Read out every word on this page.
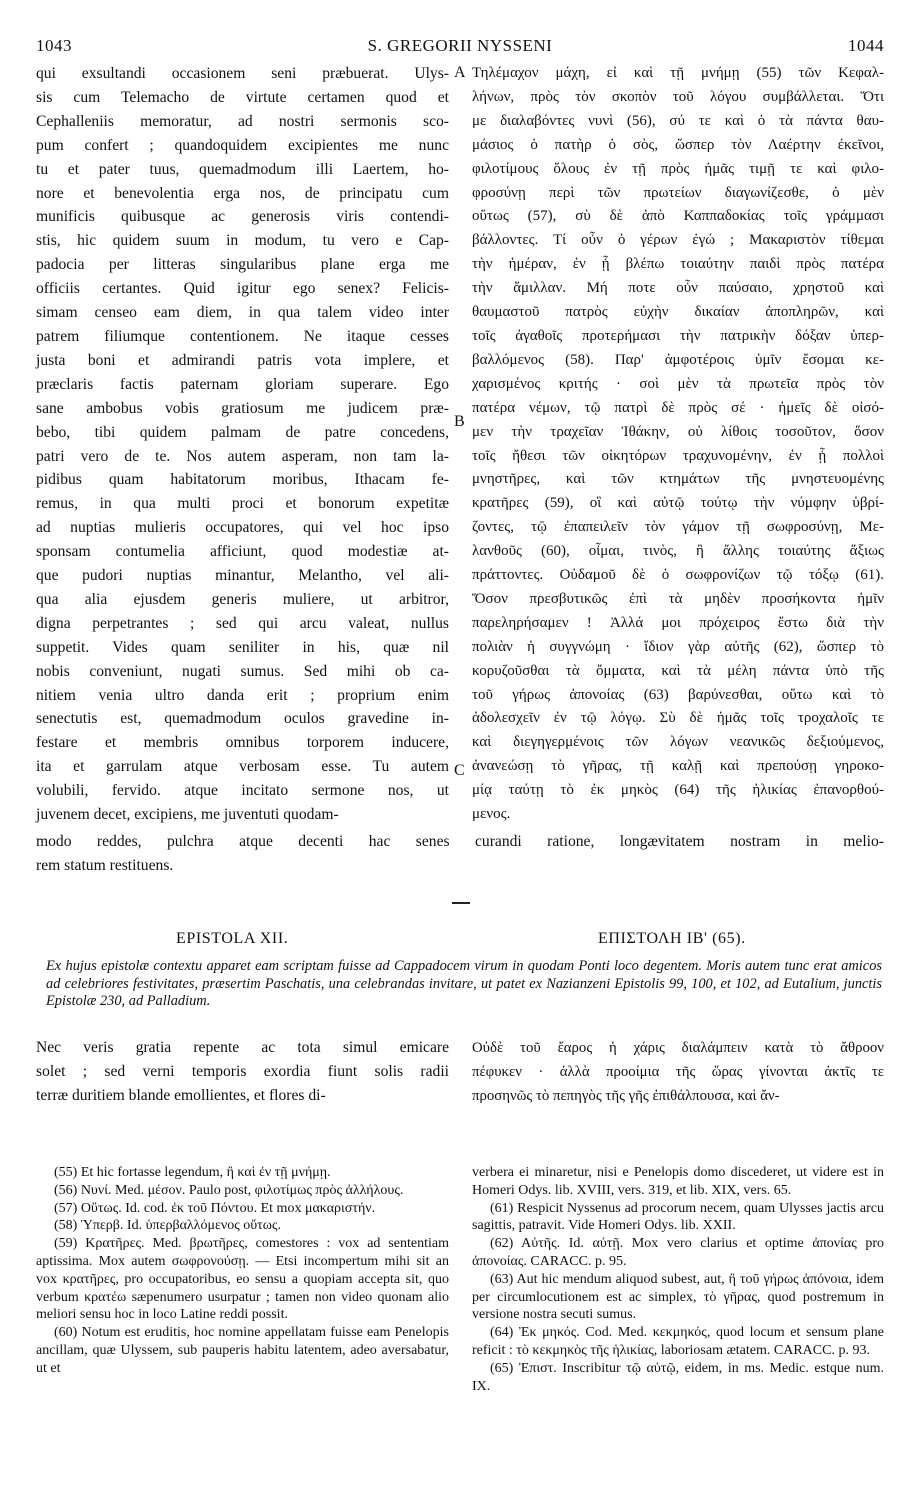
1043	S. GREGORII NYSSENI	1044
qui exsultandi occasionem seni præbuerat. Ulys-
sis cum Telemacho de virtute certamen quod et
Cephalleniis memoratur, ad nostri sermonis sco-
pum confert ; quandoquidem excipientes me nunc
tu et pater tuus, quemadmodum illi Laertem, ho-
nore et benevolentia erga nos, de principatu cum
munificis quibusque ac generosis viris contendi-
stis, hic quidem suum in modum, tu vero e Cap-
padocia per litteras singularibus plane erga me
officiis certantes. Quid igitur ego senex? Felicis-
simam censeo eam diem, in qua talem video inter
patrem filiumque contentionem. Ne itaque cesses
justa boni et admirandi patris vota implere, et
præclaris factis paternam gloriam superare. Ego
sane ambobus vobis gratiosum me judicem præ-
bebo, tibi quidem palmam de patre concedens,
patri vero de te. Nos autem asperam, non tam la-
pidibus quam habitatorum moribus, Ithacam fe-
remus, in qua multi proci et bonorum expetitæ
ad nuptias mulieris occupatores, qui vel hoc ipso
sponsam contumelia afficiunt, quod modestiæ at-
que pudori nuptias minantur, Melantho, vel ali-
qua alia ejusdem generis muliere, ut arbitror,
digna perpetrantes ; sed qui arcu valeat, nullus
suppetit. Vides quam seniliter in his, quæ nil
nobis conveniunt, nugati sumus. Sed mihi ob ca-
nitiem venia ultro danda erit ; proprium enim
senectutis est, quemadmodum oculos gravedine in-
festare et membris omnibus torporem inducere,
ita et garrulam atque verbosam esse. Tu autem
volubili, fervido. atque incitato sermone nos, ut
juvenem decet, excipiens, me juventuti quodam-
Τηλέμαχον μάχη, εἰ καὶ τῇ μνήμῃ (55) τῶν Κεφαλ-
λήνων, πρὸς τὸν σκοπὸν τοῦ λόγου συμβάλλεται. Ὅτι
με διαλαβόντες νυνὶ (56), σύ τε καὶ ὁ τὰ πάντα θαυ-
μάσιος ὁ πατὴρ ὁ σὸς, ὥσπερ τὸν Λαέρτην ἐκεῖνοι,
φιλοτίμους ὅλους ἐν τῇ πρὸς ἡμᾶς τιμῇ τε καὶ φιλο-
φροσύνῃ περὶ τῶν πρωτείων διαγωνίζεσθε, ὁ μὲν
οὕτως (57), σὺ δὲ ἀπὸ Καππαδοκίας τοῖς γράμμασι
βάλλοντες. Τί οὖν ὁ γέρων ἐγώ ; Μακαριστὸν τίθεμαι
τὴν ἡμέραν, ἐν ᾗ βλέπω τοιαύτην παιδὶ πρὸς πατέρα
τὴν ἅμιλλαν. Μή ποτε οὖν παύσαιο, χρηστοῦ καὶ
θαυμαστοῦ πατρὸς εὐχὴν δικαίαν ἀποπληρῶν, καὶ
τοῖς ἀγαθοῖς προτερήμασι τὴν πατρικὴν δόξαν ὑπερ-
βαλλόμενος (58). Παρ' ἀμφοτέροις ὑμῖν ἔσομαι κε-
χαρισμένος κριτής · σοὶ μὲν τὰ πρωτεῖα πρὸς τὸν
πατέρα νέμων, τῷ πατρὶ δὲ πρὸς σέ · ἡμεῖς δὲ οἰσό-
μεν τὴν τραχεῖαν Ἰθάκην, οὐ λίθοις τοσοῦτον, ὅσον
τοῖς ἤθεσι τῶν οἰκητόρων τραχυνομένην, ἐν ᾗ πολλοὶ
μνηστῆρες, καὶ τῶν κτημάτων τῆς μνηστευομένης
κρατῆρες (59), οἳ καὶ αὐτῷ τούτῳ τὴν νύμφην ὑβρί-
ζοντες, τῷ ἐπαπειλεῖν τὸν γάμον τῇ σωφροσύνῃ, Με-
λανθοῦς (60), οἶμαι, τινὸς, ἢ ἄλλης τοιαύτης ἄξιως
πράττοντες. Οὐδαμοῦ δὲ ὁ σωφρονίζων τῷ τόξῳ (61).
Ὅσον πρεσβυτικῶς ἐπὶ τὰ μηδὲν προσήκοντα ἡμῖν
παρεληρήσαμεν ! Ἀλλά μοι πρόχειρος ἔστω διὰ τὴν
πολιὰν ἡ συγγνώμη · ἴδιον γὰρ αὐτῆς (62), ὥσπερ τὸ
κορυζοῦσθαι τὰ ὄμματα, καὶ τὰ μέλη πάντα ὑπὸ τῆς
τοῦ γήρως ἀπονοίας (63) βαρύνεσθαι, οὕτω καὶ τὸ
ἀδολεσχεῖν ἐν τῷ λόγῳ. Σὺ δὲ ἡμᾶς τοῖς τροχαλοῖς τε
καὶ διεγηγερμένοις τῶν λόγων νεανικῶς δεξιούμενος,
ἀνανεώσῃ τὸ γῆρας, τῇ καλῇ καὶ πρεπούσῃ γηροκο-
μίᾳ ταύτῃ τὸ ἐκ μηκὸς (64) τῆς ἡλικίας ἐπανορθού-
μενος.
A
B
C
modo reddes, pulchra atque decenti hac senes curandi ratione, longævitatem nostram in melio-
rem statum restituens.
EPISTOLA XII.	ΕΠΙΣΤΟΛΗ ΙΒ' (65).
Ex hujus epistolæ contextu apparet eam scriptam fuisse ad Cappadocem virum in quodam Ponti loco degentem. Moris autem tunc erat amicos ad celebriores festivitates, præsertim Paschatis, una celebrandas invitare, ut patet ex Nazianzeni Epistolis 99, 100, et 102, ad Eutalium, junctis Epistolæ 230, ad Palladium.
Nec veris gratia repente ac tota simul emicare
solet ; sed verni temporis exordia fiunt solis radii
terræ duritiem blande emollientes, et flores di-
Οὐδὲ τοῦ ἔαρος ἡ χάρις διαλάμπειν κατὰ τὸ ἄθροον
πέφυκεν · ἀλλὰ προοίμια τῆς ὥρας γίνονται ἀκτῖς τε
προσηνῶς τὸ πεπηγὸς τῆς γῆς ἐπιθάλπουσα, καὶ ἄν-

(55) Et hic fortasse legendum, ἢ καὶ ἐν τῇ μνήμῃ.

(56) Νυνί. Med. μέσον. Paulo post, φιλοτίμως πρὸς ἀλλήλους.

(57) Οὕτως. Id. cod. ἐκ τοῦ Πόντου. Et mox μακαριστήν.

(58) Ὑπερβ. Id. ὑπερβαλλόμενος οὕτως.

(59) Κρατῆρες. Med. βρωτῆρες, comestores : vox ad sententiam aptissima. Mox autem σωφρονούσῃ. — Etsi incompertum mihi sit an vox κρατῆρες, pro occupatoribus, eo sensu a quopiam accepta sit, quo verbum κρατέω sæpenumero usurpatur ; tamen non video quonam alio meliori sensu hoc in loco Latine reddi possit.

(60) Notum est eruditis, hoc nomine appellatam fuisse eam Penelopis ancillam, quæ Ulyssem, sub pauperis habitu latentem, adeo aversabatur, ut et

verbera ei minaretur, nisi e Penelopis domo discederet, ut videre est in Homeri Odys. lib. XVIII, vers. 319, et lib. XIX, vers. 65.

(61) Respicit Nyssenus ad procorum necem, quam Ulysses jactis arcu sagittis, patravit. Vide Homeri Odys. lib. XXII.

(62) Αὐτῆς. Id. αὐτῇ. Mox vero clarius et optime ἀπονίας pro ἀπονοίας. CARACC. p. 95.

(63) Aut hic mendum aliquod subest, aut, ἢ τοῦ γήρως ἀπόνοια, idem per circumlocutionem est ac simplex, τὸ γῆρας, quod postremum in versione nostra secuti sumus.

(64) Ἐκ μηκός. Cod. Med. κεκμηκός, quod locum et sensum plane reficit : τὸ κεκμηκὸς τῆς ἡλικίας, laboriosam ætatem. CARACC. p. 93.

(65) Ἐπιστ. Inscribitur τῷ αὐτῷ, eidem, in ms. Medic. estque num. IX.
